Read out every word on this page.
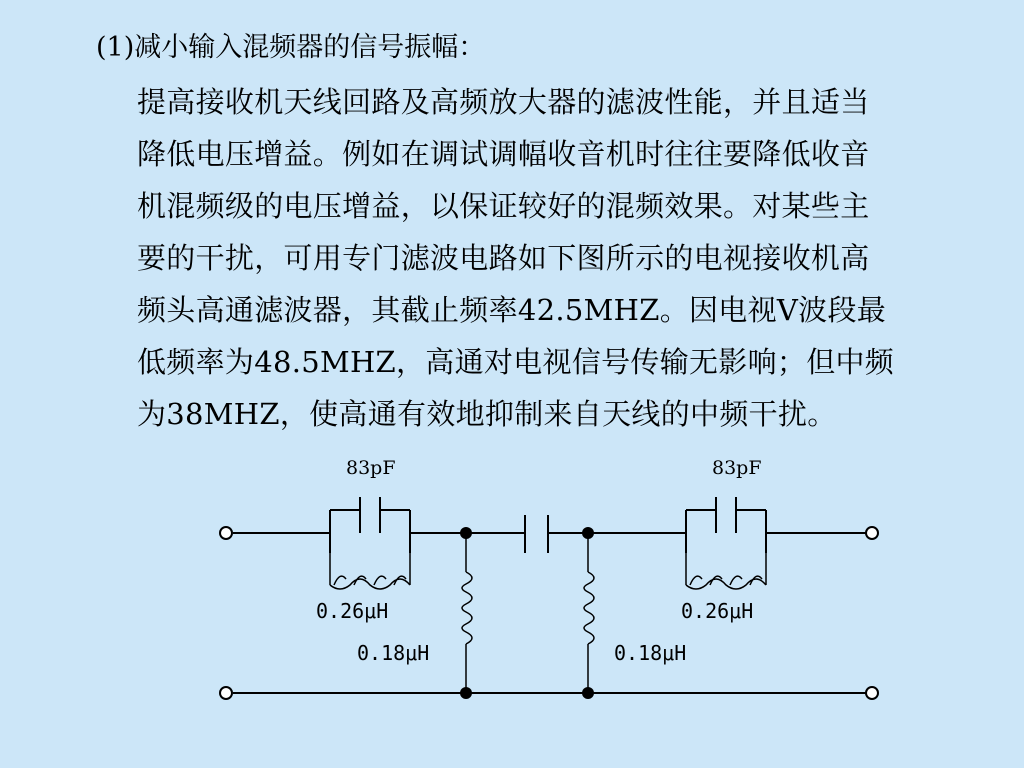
(1)减小输入混频器的信号振幅：
提高接收机天线回路及高频放大器的滤波性能，并且适当
降低电压增益。例如在调试调幅收音机时往往要降低收音
机混频级的电压增益，以保证较好的混频效果。对某些主
要的干扰，可用专门滤波电路如下图所示的电视接收机高
频头高通滤波器，其截止频率42.5MHZ。因电视V波段最
低频率为48.5MHZ，高通对电视信号传输无影响；但中频
为38MHZ，使高通有效地抑制来自天线的中频干扰。
83pF	83pF
0.26μH	0.26μH
0.18μH	0.18μH
